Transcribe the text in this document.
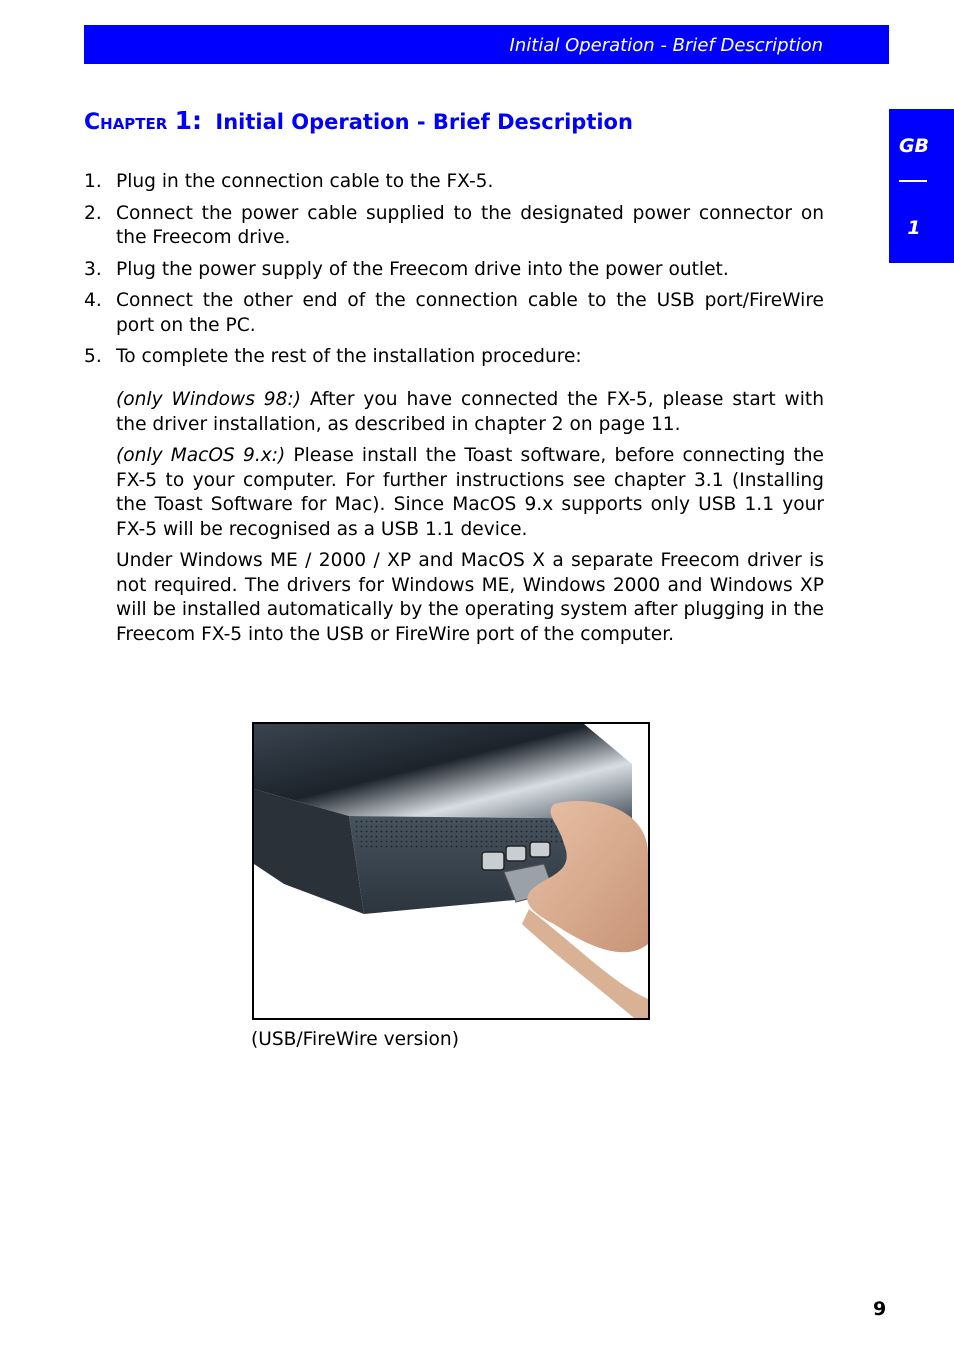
Initial Operation - Brief Description
GB
1
Chapter 1: Initial Operation - Brief Description
1. Plug in the connection cable to the FX-5.
2. Connect the power cable supplied to the designated power connector on the Freecom drive.
3. Plug the power supply of the Freecom drive into the power outlet.
4. Connect the other end of the connection cable to the USB port/FireWire port on the PC.
5. To complete the rest of the installation procedure:

(only Windows 98:) After you have connected the FX-5, please start with the driver installation, as described in chapter 2 on page 11.

(only MacOS 9.x:) Please install the Toast software, before connecting the FX-5 to your computer. For further instructions see chapter 3.1 (Installing the Toast Software for Mac). Since MacOS 9.x supports only USB 1.1 your FX-5 will be recognised as a USB 1.1 device.

Under Windows ME / 2000 / XP and MacOS X a separate Freecom driver is not required. The drivers for Windows ME, Windows 2000 and Windows XP will be installed automatically by the operating system after plugging in the Freecom FX-5 into the USB or FireWire port of the computer.

(USB/FireWire version)
9
